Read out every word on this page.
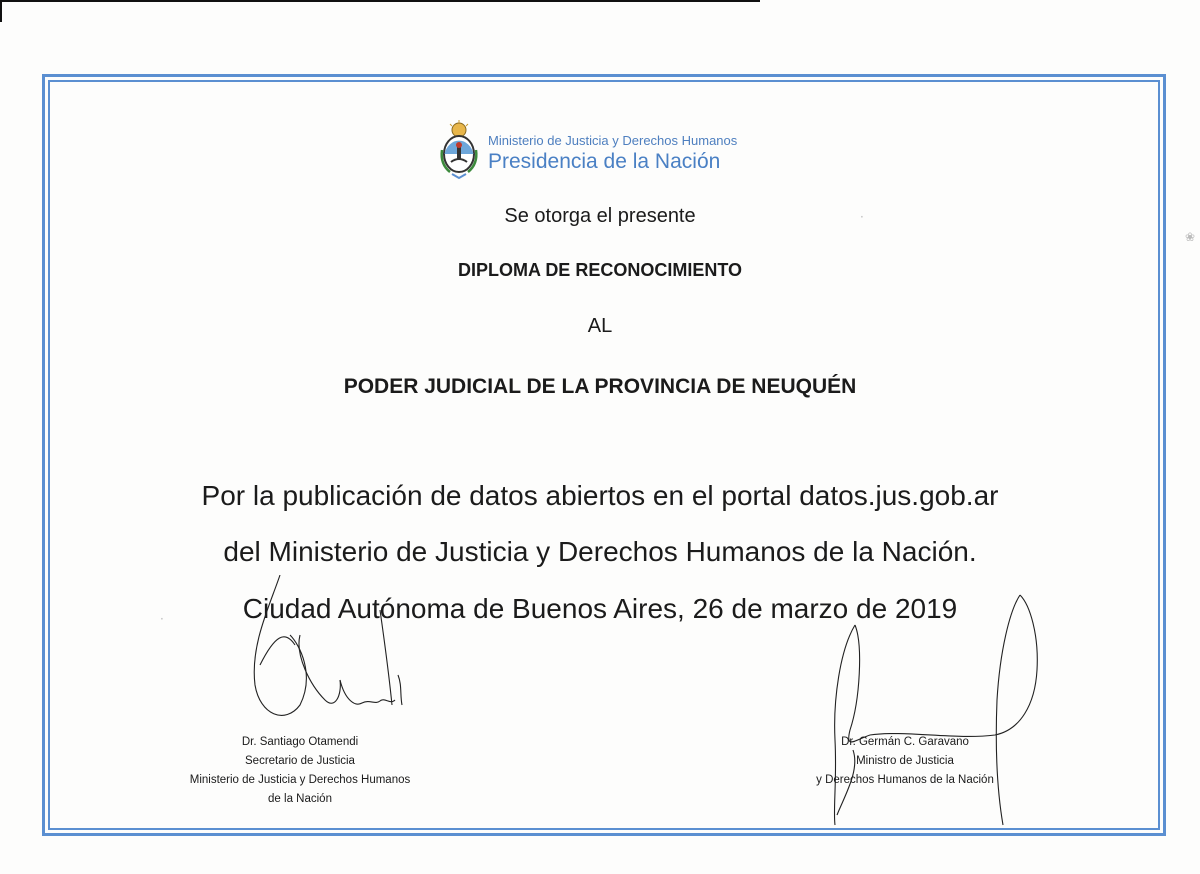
·
·
❀
Ministerio de Justicia y Derechos Humanos
Presidencia de la Nación
Se otorga el presente
DIPLOMA DE RECONOCIMIENTO
AL
PODER JUDICIAL DE LA PROVINCIA DE NEUQUÉN
Por la publicación de datos abiertos en el portal datos.jus.gob.ar
del Ministerio de Justicia y Derechos Humanos de la Nación.
Ciudad Autónoma de Buenos Aires, 26 de marzo de 2019
Dr. Santiago Otamendi
Secretario de Justicia
Ministerio de Justicia y Derechos Humanos
de la Nación
Dr. Germán C. Garavano
Ministro de Justicia
y Derechos Humanos de la Nación
